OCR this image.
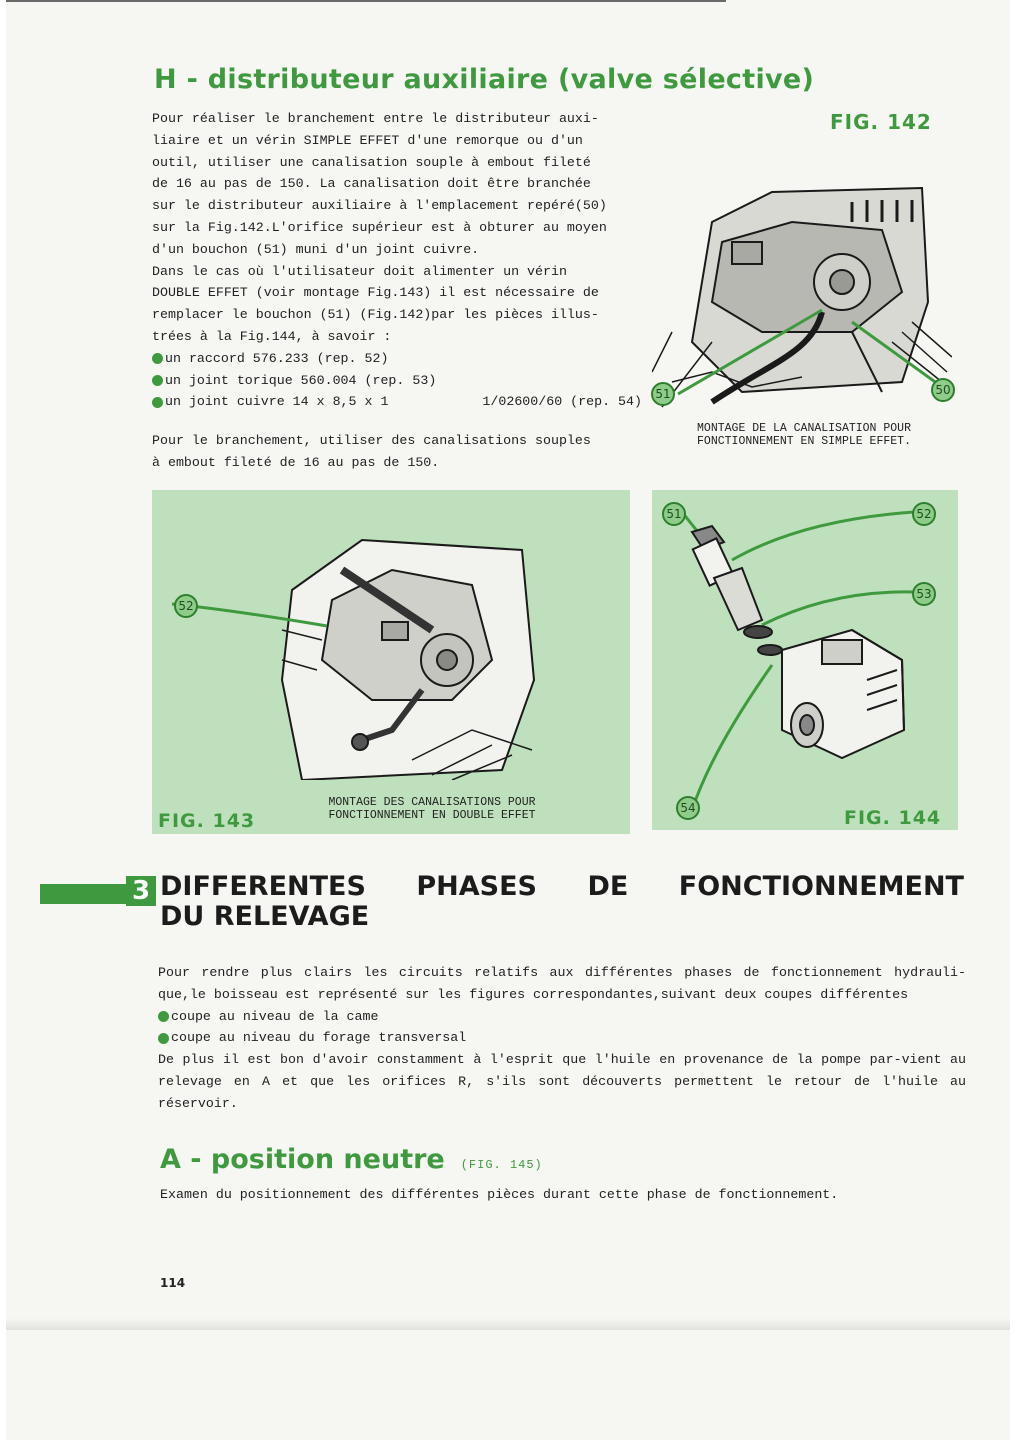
H - distributeur auxiliaire (valve sélective)

Pour réaliser le branchement entre le distributeur auxi-

liaire et un vérin SIMPLE EFFET d'une remorque ou d'un

outil, utiliser une canalisation souple à embout fileté

de 16 au pas de 150. La canalisation doit être branchée

sur le distributeur auxiliaire à l'emplacement repéré(50)

sur la Fig.142.L'orifice supérieur est à obturer au moyen

d'un bouchon (51) muni d'un joint cuivre.

Dans le cas où l'utilisateur doit alimenter un vérin

DOUBLE EFFET (voir montage Fig.143) il est nécessaire de

remplacer le bouchon (51) (Fig.142)par les pièces illus-

trées à la Fig.144, à savoir :

un raccord 576.233 (rep. 52)
un joint torique 560.004 (rep. 53)
un joint cuivre 14 x 8,5 x 1	1/02600/60 (rep. 54)
Pour le branchement, utiliser des canalisations souples
à embout fileté de 16 au pas de 150.
FIG. 142
51	50
MONTAGE DE LA CANALISATION POUR
FONCTIONNEMENT EN SIMPLE EFFET.
52
MONTAGE DES CANALISATIONS POUR
FONCTIONNEMENT EN DOUBLE EFFET
FIG. 143
51	52
53
54	FIG. 144
3 DIFFERENTES PHASES DE FONCTIONNEMENT
DU RELEVAGE

Pour rendre plus clairs les circuits relatifs aux différentes phases de fonctionnement hydrauli-que,le boisseau est représenté sur les figures correspondantes,suivant deux coupes différentes

coupe au niveau de la came
coupe au niveau du forage transversal

De plus il est bon d'avoir constamment à l'esprit que l'huile en provenance de la pompe par-vient au relevage en A et que les orifices R, s'ils sont découverts permettent le retour de l'huile au réservoir.

A - position neutre (FIG. 145)
Examen du positionnement des différentes pièces durant cette phase de fonctionnement.
114
